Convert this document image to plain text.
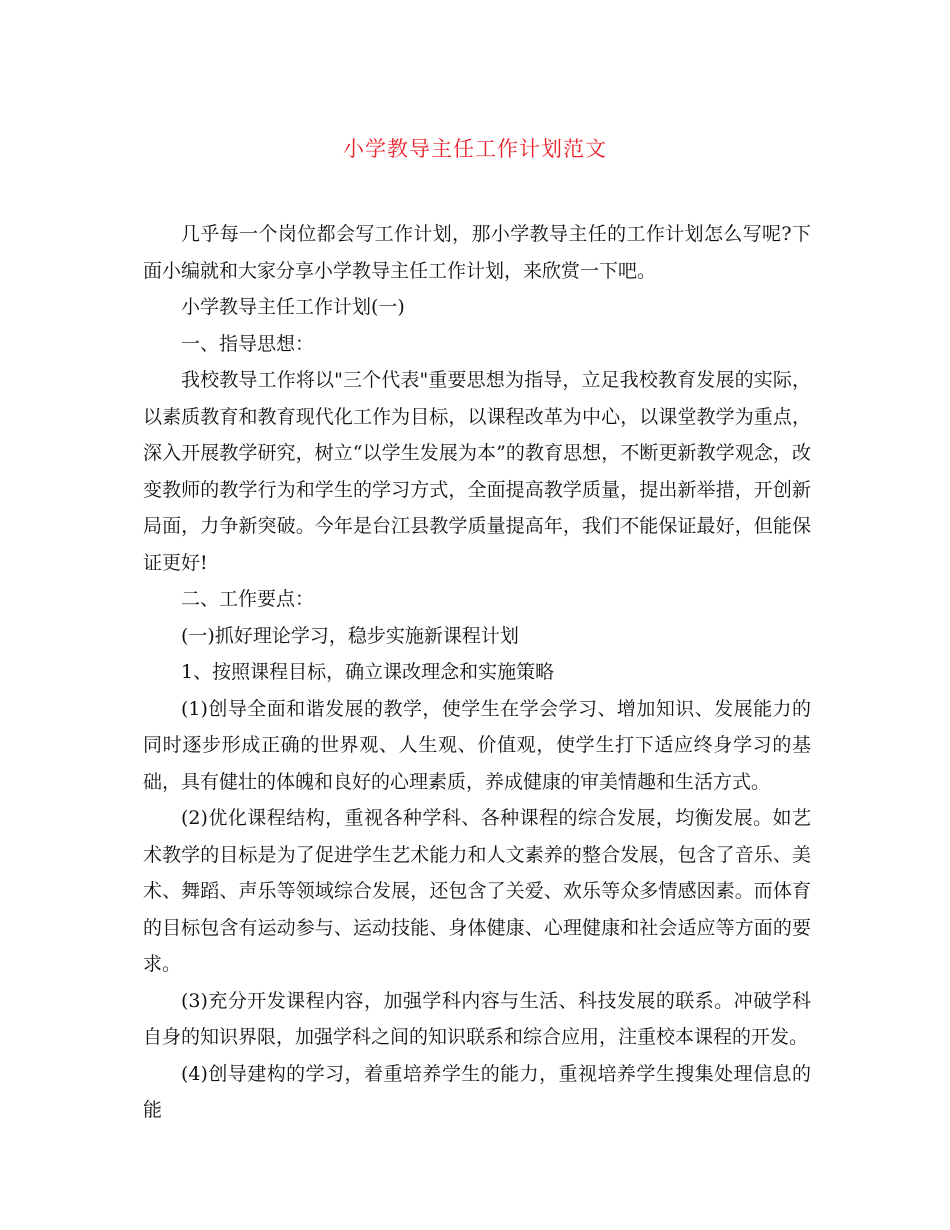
小学教导主任工作计划范文

几乎每一个岗位都会写工作计划，那小学教导主任的工作计划怎么写呢?下面小编就和大家分享小学教导主任工作计划，来欣赏一下吧。

小学教导主任工作计划(一)

一、指导思想：

我校教导工作将以"三个代表"重要思想为指导，立足我校教育发展的实际，以素质教育和教育现代化工作为目标，以课程改革为中心，以课堂教学为重点，深入开展教学研究，树立“以学生发展为本”的教育思想，不断更新教学观念，改变教师的教学行为和学生的学习方式，全面提高教学质量，提出新举措，开创新局面，力争新突破。今年是台江县教学质量提高年，我们不能保证最好，但能保证更好!

二、工作要点：

(一)抓好理论学习，稳步实施新课程计划

1、按照课程目标，确立课改理念和实施策略

(1)创导全面和谐发展的教学，使学生在学会学习、增加知识、发展能力的同时逐步形成正确的世界观、人生观、价值观，使学生打下适应终身学习的基础，具有健壮的体魄和良好的心理素质，养成健康的审美情趣和生活方式。

(2)优化课程结构，重视各种学科、各种课程的综合发展，均衡发展。如艺术教学的目标是为了促进学生艺术能力和人文素养的整合发展，包含了音乐、美术、舞蹈、声乐等领域综合发展，还包含了关爱、欢乐等众多情感因素。而体育的目标包含有运动参与、运动技能、身体健康、心理健康和社会适应等方面的要求。

(3)充分开发课程内容，加强学科内容与生活、科技发展的联系。冲破学科自身的知识界限，加强学科之间的知识联系和综合应用，注重校本课程的开发。

(4)创导建构的学习，着重培养学生的能力，重视培养学生搜集处理信息的能
